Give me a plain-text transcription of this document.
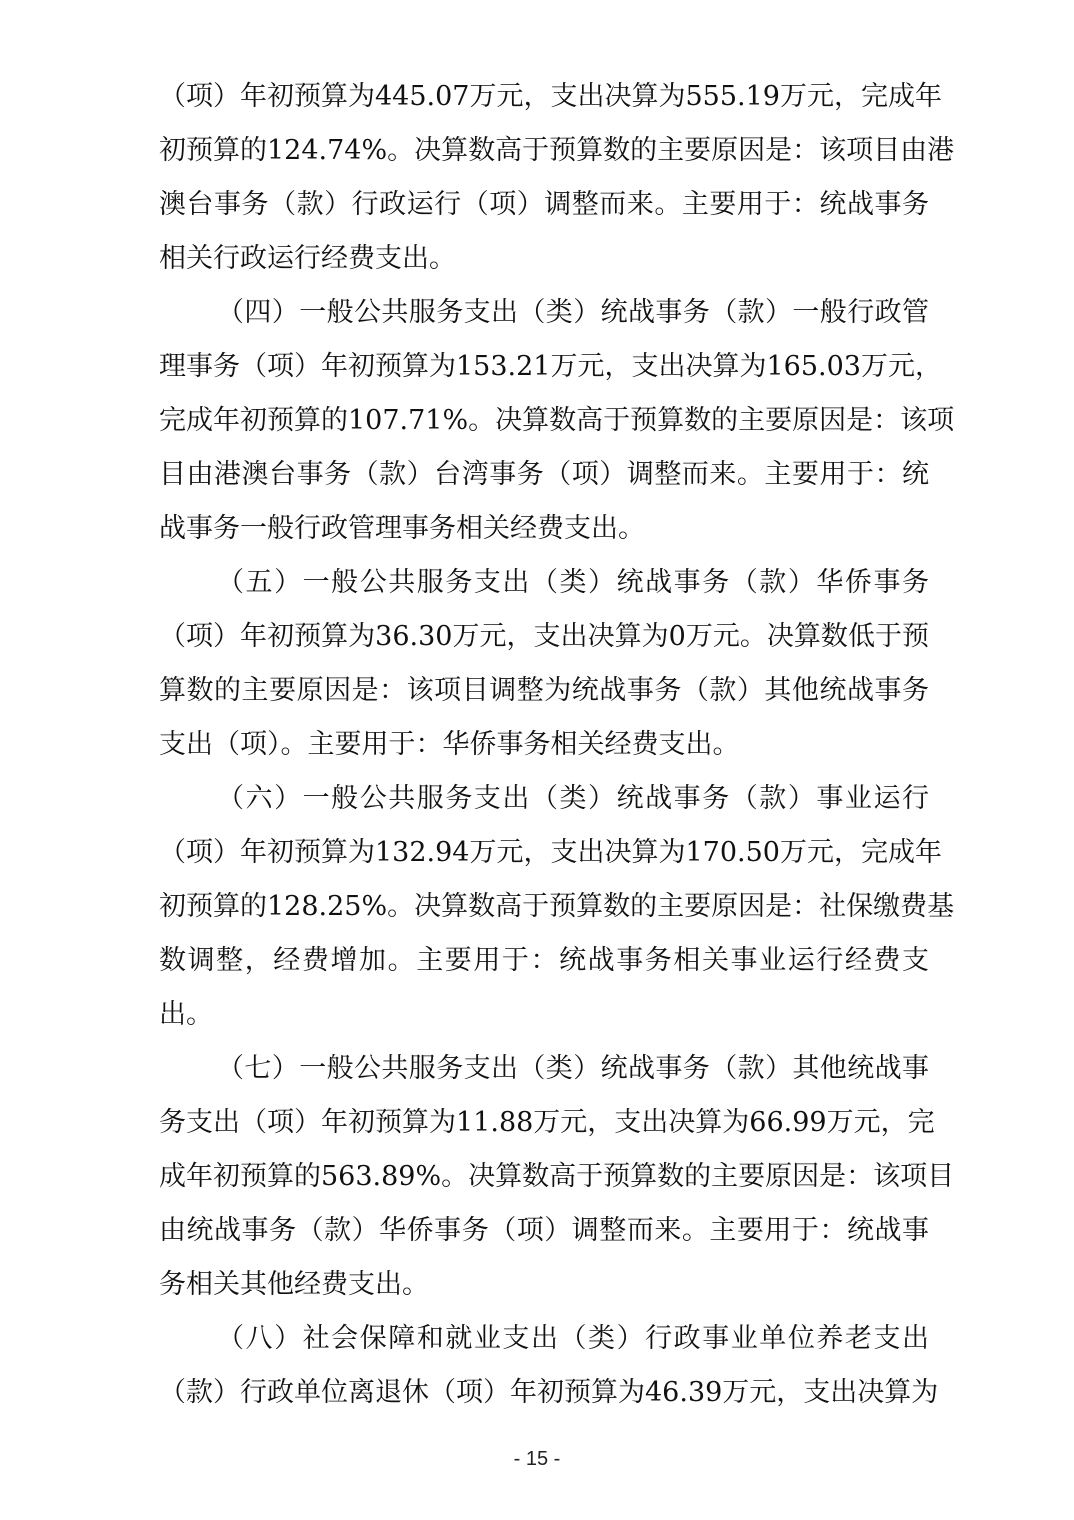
（项）年初预算为445.07万元，支出决算为555.19万元，完成年
初预算的124.74%。决算数高于预算数的主要原因是：该项目由港
澳台事务（款）行政运行（项）调整而来。主要用于：统战事务
相关行政运行经费支出。
（四）一般公共服务支出（类）统战事务（款）一般行政管
理事务（项）年初预算为153.21万元，支出决算为165.03万元，
完成年初预算的107.71%。决算数高于预算数的主要原因是：该项
目由港澳台事务（款）台湾事务（项）调整而来。主要用于：统
战事务一般行政管理事务相关经费支出。
（五）一般公共服务支出（类）统战事务（款）华侨事务
（项）年初预算为36.30万元，支出决算为0万元。决算数低于预
算数的主要原因是：该项目调整为统战事务（款）其他统战事务
支出（项）。主要用于：华侨事务相关经费支出。
（六）一般公共服务支出（类）统战事务（款）事业运行
（项）年初预算为132.94万元，支出决算为170.50万元，完成年
初预算的128.25%。决算数高于预算数的主要原因是：社保缴费基
数调整，经费增加。主要用于：统战事务相关事业运行经费支
出。
（七）一般公共服务支出（类）统战事务（款）其他统战事
务支出（项）年初预算为11.88万元，支出决算为66.99万元，完
成年初预算的563.89%。决算数高于预算数的主要原因是：该项目
由统战事务（款）华侨事务（项）调整而来。主要用于：统战事
务相关其他经费支出。
（八）社会保障和就业支出（类）行政事业单位养老支出
（款）行政单位离退休（项）年初预算为46.39万元，支出决算为
- 15 -
